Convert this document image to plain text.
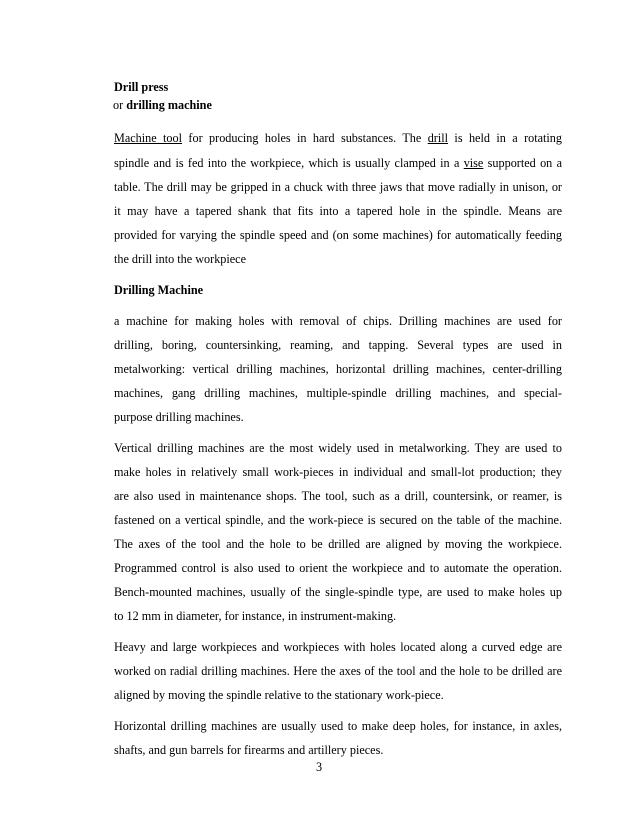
Drill press
or drilling machine
Machine tool for producing holes in hard substances. The drill is held in a rotating
spindle and is fed into the workpiece, which is usually clamped in a vise supported on a
table. The drill may be gripped in a chuck with three jaws that move radially in unison, or
it may have a tapered shank that fits into a tapered hole in the spindle. Means are
provided for varying the spindle speed and (on some machines) for automatically feeding
the drill into the workpiece
Drilling Machine
a machine for making holes with removal of chips. Drilling machines are used for
drilling, boring, countersinking, reaming, and tapping. Several types are used in
metalworking: vertical drilling machines, horizontal drilling machines, center-drilling
machines, gang drilling machines, multiple-spindle drilling machines, and special-
purpose drilling machines.
Vertical drilling machines are the most widely used in metalworking. They are used to
make holes in relatively small work-pieces in individual and small-lot production; they
are also used in maintenance shops. The tool, such as a drill, countersink, or reamer, is
fastened on a vertical spindle, and the work-piece is secured on the table of the machine.
The axes of the tool and the hole to be drilled are aligned by moving the workpiece.
Programmed control is also used to orient the workpiece and to automate the operation.
Bench-mounted machines, usually of the single-spindle type, are used to make holes up
to 12 mm in diameter, for instance, in instrument-making.
Heavy and large workpieces and workpieces with holes located along a curved edge are
worked on radial drilling machines. Here the axes of the tool and the hole to be drilled are
aligned by moving the spindle relative to the stationary work-piece.
Horizontal drilling machines are usually used to make deep holes, for instance, in axles,
shafts, and gun barrels for firearms and artillery pieces.
3
